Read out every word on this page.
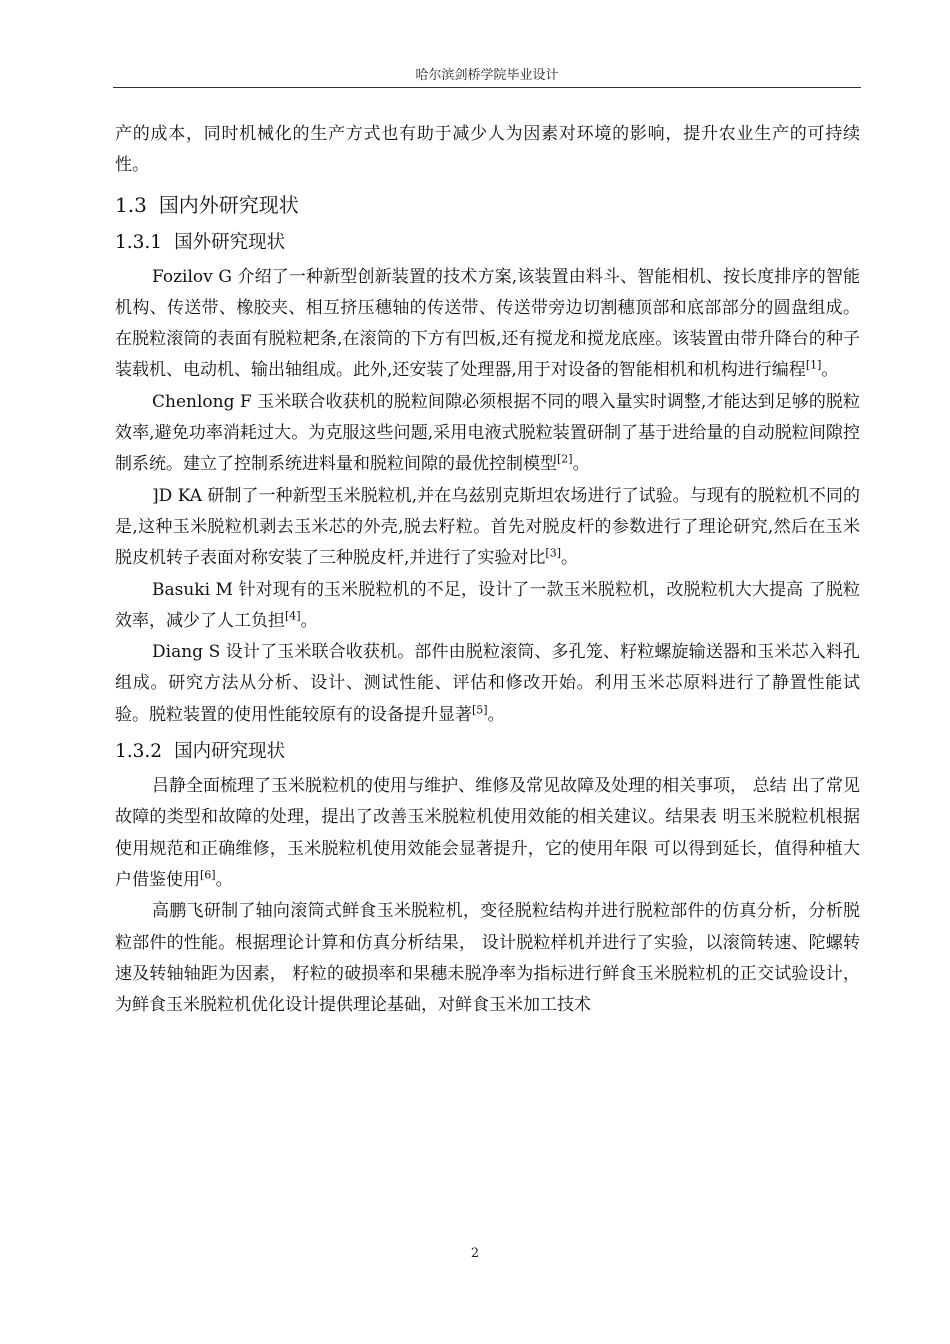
哈尔滨剑桥学院毕业设计

产的成本，同时机械化的生产方式也有助于减少人为因素对环境的影响，提升农业生产的可持续性。

1.3 国内外研究现状
1.3.1 国外研究现状

Fozilov G 介绍了一种新型创新装置的技术方案,该装置由料斗、智能相机、按长度排序的智能机构、传送带、橡胶夹、相互挤压穗轴的传送带、传送带旁边切割穗顶部和底部部分的圆盘组成。在脱粒滚筒的表面有脱粒耙条,在滚筒的下方有凹板,还有搅龙和搅龙底座。该装置由带升降台的种子装载机、电动机、输出轴组成。此外,还安装了处理器,用于对设备的智能相机和机构进行编程[1]。

Chenlong F 玉米联合收获机的脱粒间隙必须根据不同的喂入量实时调整,才能达到足够的脱粒效率,避免功率消耗过大。为克服这些问题,采用电液式脱粒装置研制了基于进给量的自动脱粒间隙控制系统。建立了控制系统进料量和脱粒间隙的最优控制模型[2]。

]D KA 研制了一种新型玉米脱粒机,并在乌兹别克斯坦农场进行了试验。与现有的脱粒机不同的是,这种玉米脱粒机剥去玉米芯的外壳,脱去籽粒。首先对脱皮杆的参数进行了理论研究,然后在玉米脱皮机转子表面对称安装了三种脱皮杆,并进行了实验对比[3]。

Basuki M 针对现有的玉米脱粒机的不足，设计了一款玉米脱粒机，改脱粒机大大提高 了脱粒效率，减少了人工负担[4]。

Diang S 设计了玉米联合收获机。部件由脱粒滚筒、多孔笼、籽粒螺旋输送器和玉米芯入料孔组成。研究方法从分析、设计、测试性能、评估和修改开始。利用玉米芯原料进行了静置性能试验。脱粒装置的使用性能较原有的设备提升显著[5]。

1.3.2 国内研究现状

吕静全面梳理了玉米脱粒机的使用与维护、维修及常见故障及处理的相关事项， 总结 出了常见故障的类型和故障的处理，提出了改善玉米脱粒机使用效能的相关建议。结果表 明玉米脱粒机根据使用规范和正确维修，玉米脱粒机使用效能会显著提升，它的使用年限 可以得到延长，值得种植大户借鉴使用[6]。

高鹏飞研制了轴向滚筒式鲜食玉米脱粒机，变径脱粒结构并进行脱粒部件的仿真分析，分析脱粒部件的性能。根据理论计算和仿真分析结果， 设计脱粒样机并进行了实验，以滚筒转速、陀螺转速及转轴轴距为因素， 籽粒的破损率和果穗未脱净率为指标进行鲜食玉米脱粒机的正交试验设计，为鲜食玉米脱粒机优化设计提供理论基础，对鲜食玉米加工技术

2
